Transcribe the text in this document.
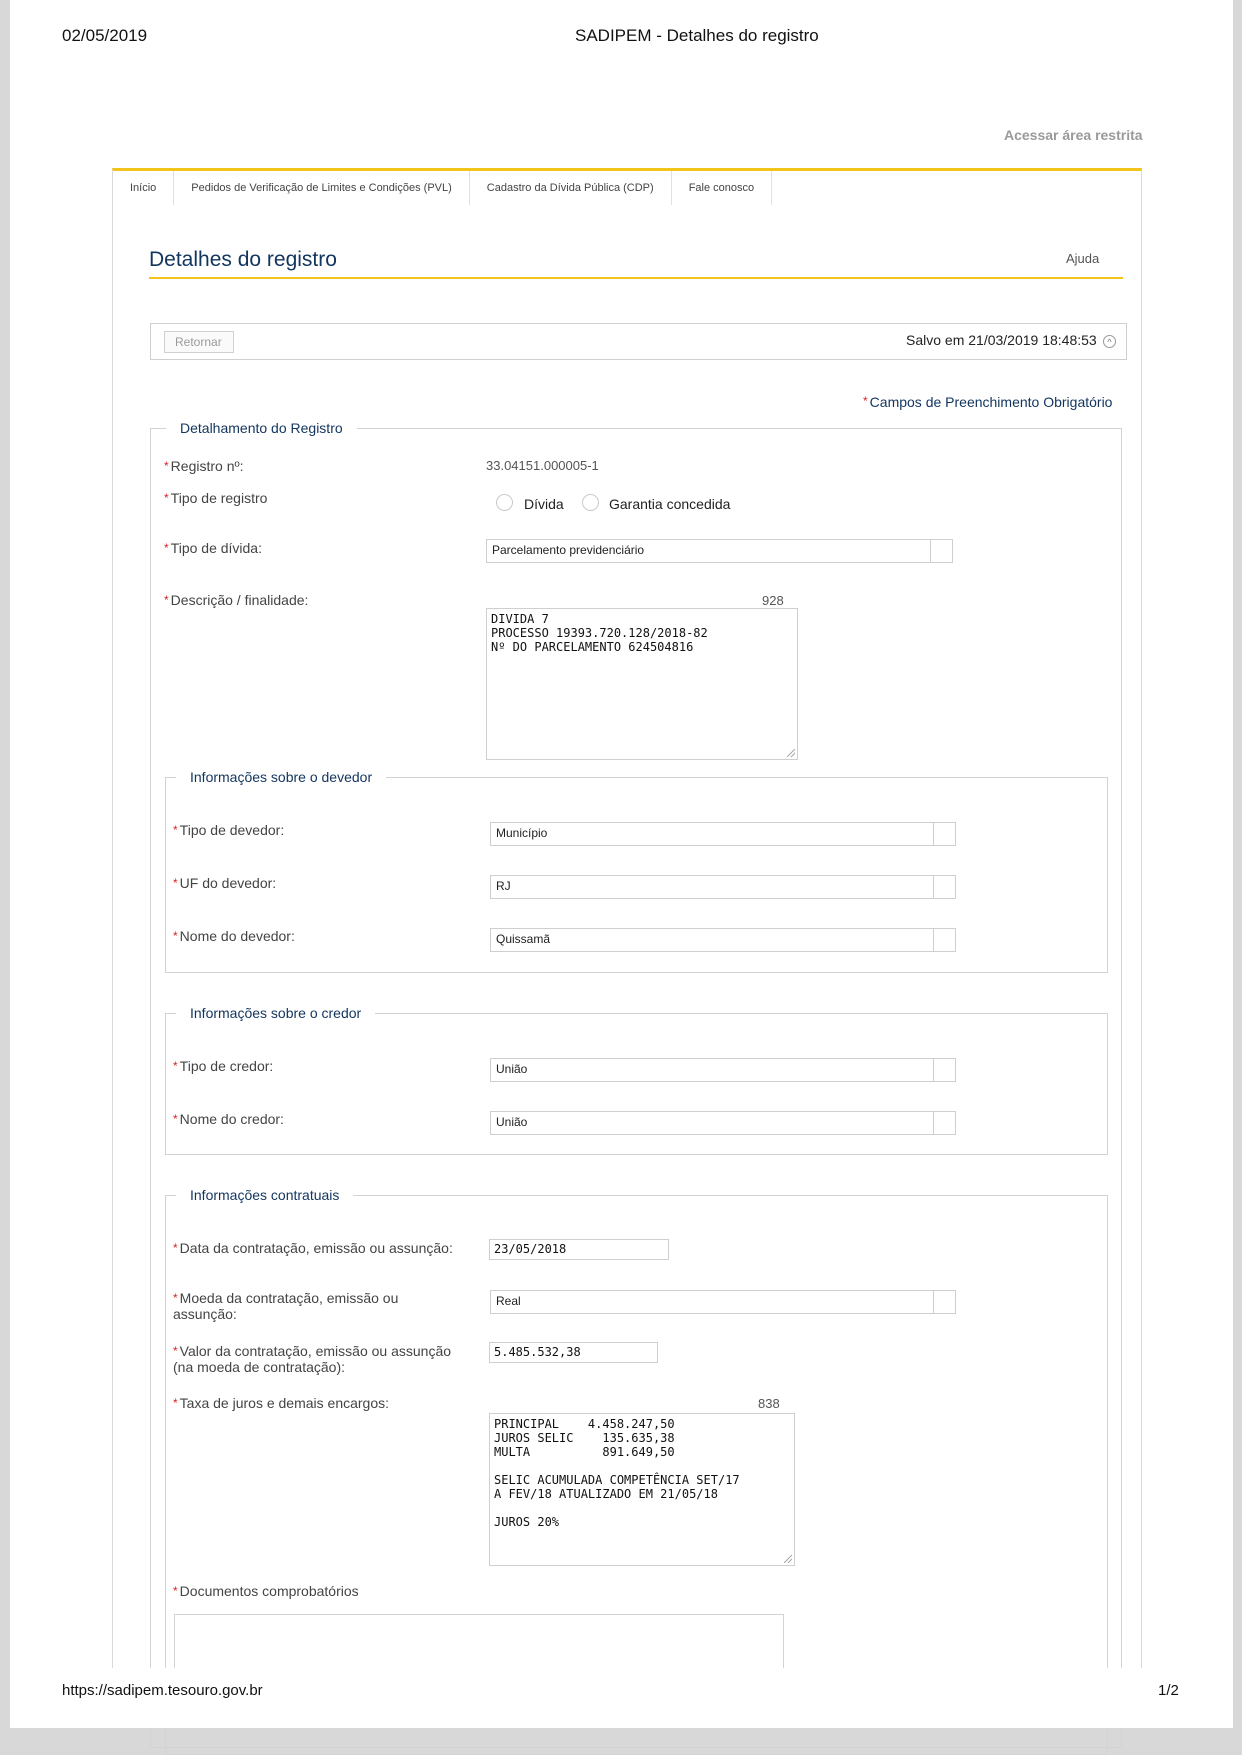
02/05/2019	SADIPEM - Detalhes do registro
Acessar área restrita
Início	Pedidos de Verificação de Limites e Condições (PVL)	Cadastro da Dívida Pública (CDP)	Fale conosco
Detalhes do registro	Ajuda
Retornar	Salvo em 21/03/2019 18:48:53	^
* Campos de Preenchimento Obrigatório
Detalhamento do Registro
* Registro nº:	33.04151.000005-1
* Tipo de registro	Dívida	Garantia concedida
* Tipo de dívida:	Parcelamento previdenciário
* Descrição / finalidade:	928
DIVIDA 7
PROCESSO 19393.720.128/2018-82
Nº DO PARCELAMENTO 624504816
Informações sobre o devedor
* Tipo de devedor:	Município
* UF do devedor:	RJ
* Nome do devedor:	Quissamã
Informações sobre o credor
* Tipo de credor:	União
* Nome do credor:	União
Informações contratuais
* Data da contratação, emissão ou assunção:	23/05/2018
* Moeda da contratação, emissão ou
assunção:
Real
* Valor da contratação, emissão ou assunção
(na moeda de contratação):
5.485.532,38
* Taxa de juros e demais encargos:	838
PRINCIPAL    4.458.247,50
JUROS SELIC    135.635,38
MULTA          891.649,50

SELIC ACUMULADA COMPETÊNCIA SET/17
A FEV/18 ATUALIZADO EM 21/05/18

JUROS 20%
* Documentos comprobatórios
https://sadipem.tesouro.gov.br	1/2
